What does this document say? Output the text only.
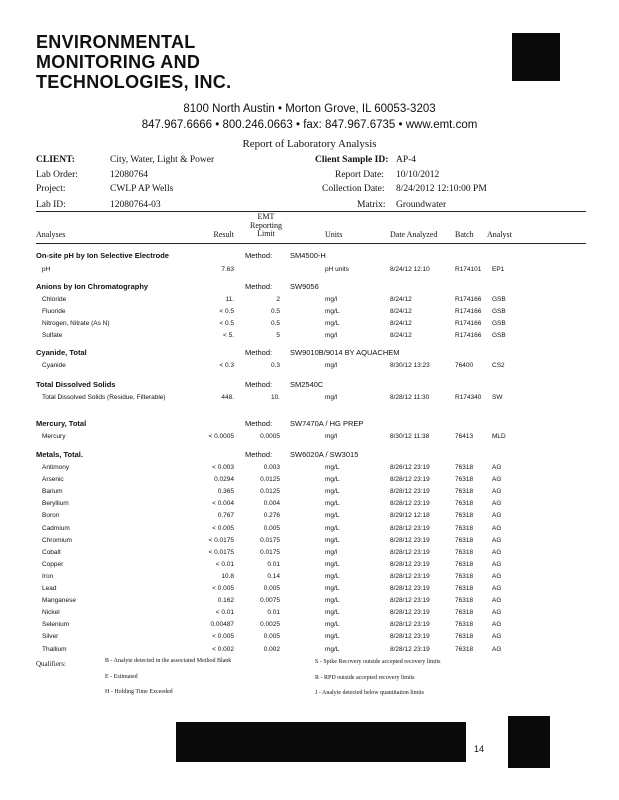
ENVIRONMENTAL
MONITORING AND
TECHNOLOGIES, INC.
8100 North Austin • Morton Grove, IL 60053-3203
847.967.6666 • 800.246.0663 • fax: 847.967.6735 • www.emt.com
Report of Laboratory Analysis
CLIENT:	City, Water, Light & Power
Lab Order:	12080764
Project:	CWLP AP Wells
Lab ID:	12080764-03
Client Sample ID: AP-4
Report Date: 10/10/2012
Collection Date: 8/24/2012 12:10:00 PM
Matrix: Groundwater
Analyses	Result
EMT
Reporting
Limit	Units	Date Analyzed Batch Analyst
On-site pH by Ion Selective Electrode	Method: SM4500-H
pH	7.63	pH units	8/24/12 12:10	R174101 EP1
Anions by Ion Chromatography	Method: SW9056
Chloride	11.	2	mg/l	8/24/12	R174166 GSB
Fluoride	< 0.5	0.5	mg/L	8/24/12	R174166 GSB
Nitrogen, Nitrate (As N)	< 0.5	0.5	mg/L	8/24/12	R174166 GSB
Sulfate	< 5.	5	mg/l	8/24/12	R174166 GSB
Cyanide, Total	Method: SW9010B/9014 BY AQUACHEM
Cyanide	< 0.3	0.3	mg/l	8/30/12 13:23	76400	CS2
Total Dissolved Solids	Method: SM2540C
Total Dissolved Solids (Residue, Filterable)	448.	10.	mg/l	8/28/12 11:30	R174340 SW
Mercury, Total	Method: SW7470A / HG PREP
Mercury	< 0.0005	0.0005	mg/l	8/30/12 11:38	76413	MLD
Metals, Total.	Method: SW6020A / SW3015
Antimony	< 0.003	0.003	mg/L	8/26/12 23:19	76318	AG
Arsenic	0.0294	0.0125	mg/L	8/28/12 23:19	76318	AG
Barium	0.365	0.0125	mg/L	8/28/12 23:19	76318	AG
Beryllium	< 0.004	0.004	mg/L	8/28/12 23:19	76318	AG
Boron	0.767	0.276	mg/L	8/29/12 12:18	76318	AG
Cadmium	< 0.005	0.005	mg/L	8/28/12 23:19	76318	AG
Chromium	< 0.0175	0.0175	mg/L	8/28/12 23:19	76318	AG
Cobalt	< 0.0175	0.0175	mg/l	8/28/12 23:19	76318	AG
Copper	< 0.01	0.01	mg/L	8/28/12 23:19	76318	AG
Iron	10.8	0.14	mg/L	8/28/12 23:19	76318	AG
Lead	< 0.005	0.005	mg/L	8/28/12 23:19	76318	AG
Manganese	0.162	0.0075	mg/L	8/28/12 23:19	76318	AG
Nickel	< 0.01	0.01	mg/L	8/28/12 23:19	76318	AG
Selenium	0.00487	0.0025	mg/L	8/28/12 23:19	76318	AG
Silver	< 0.005	0.005	mg/L	8/28/12 23:19	76318	AG
Thallium	< 0.002	0.002	mg/L	8/28/12 23:19	76318	AG
Qualifiers:	B - Analyte detected in the associated Method Blank
E - Estimated
H - Holding Time Exceeded
S - Spike Recovery outside accepted recovery limits
R - RPD outside accepted recovery limits
J - Analyte detected below quantitation limits
14
